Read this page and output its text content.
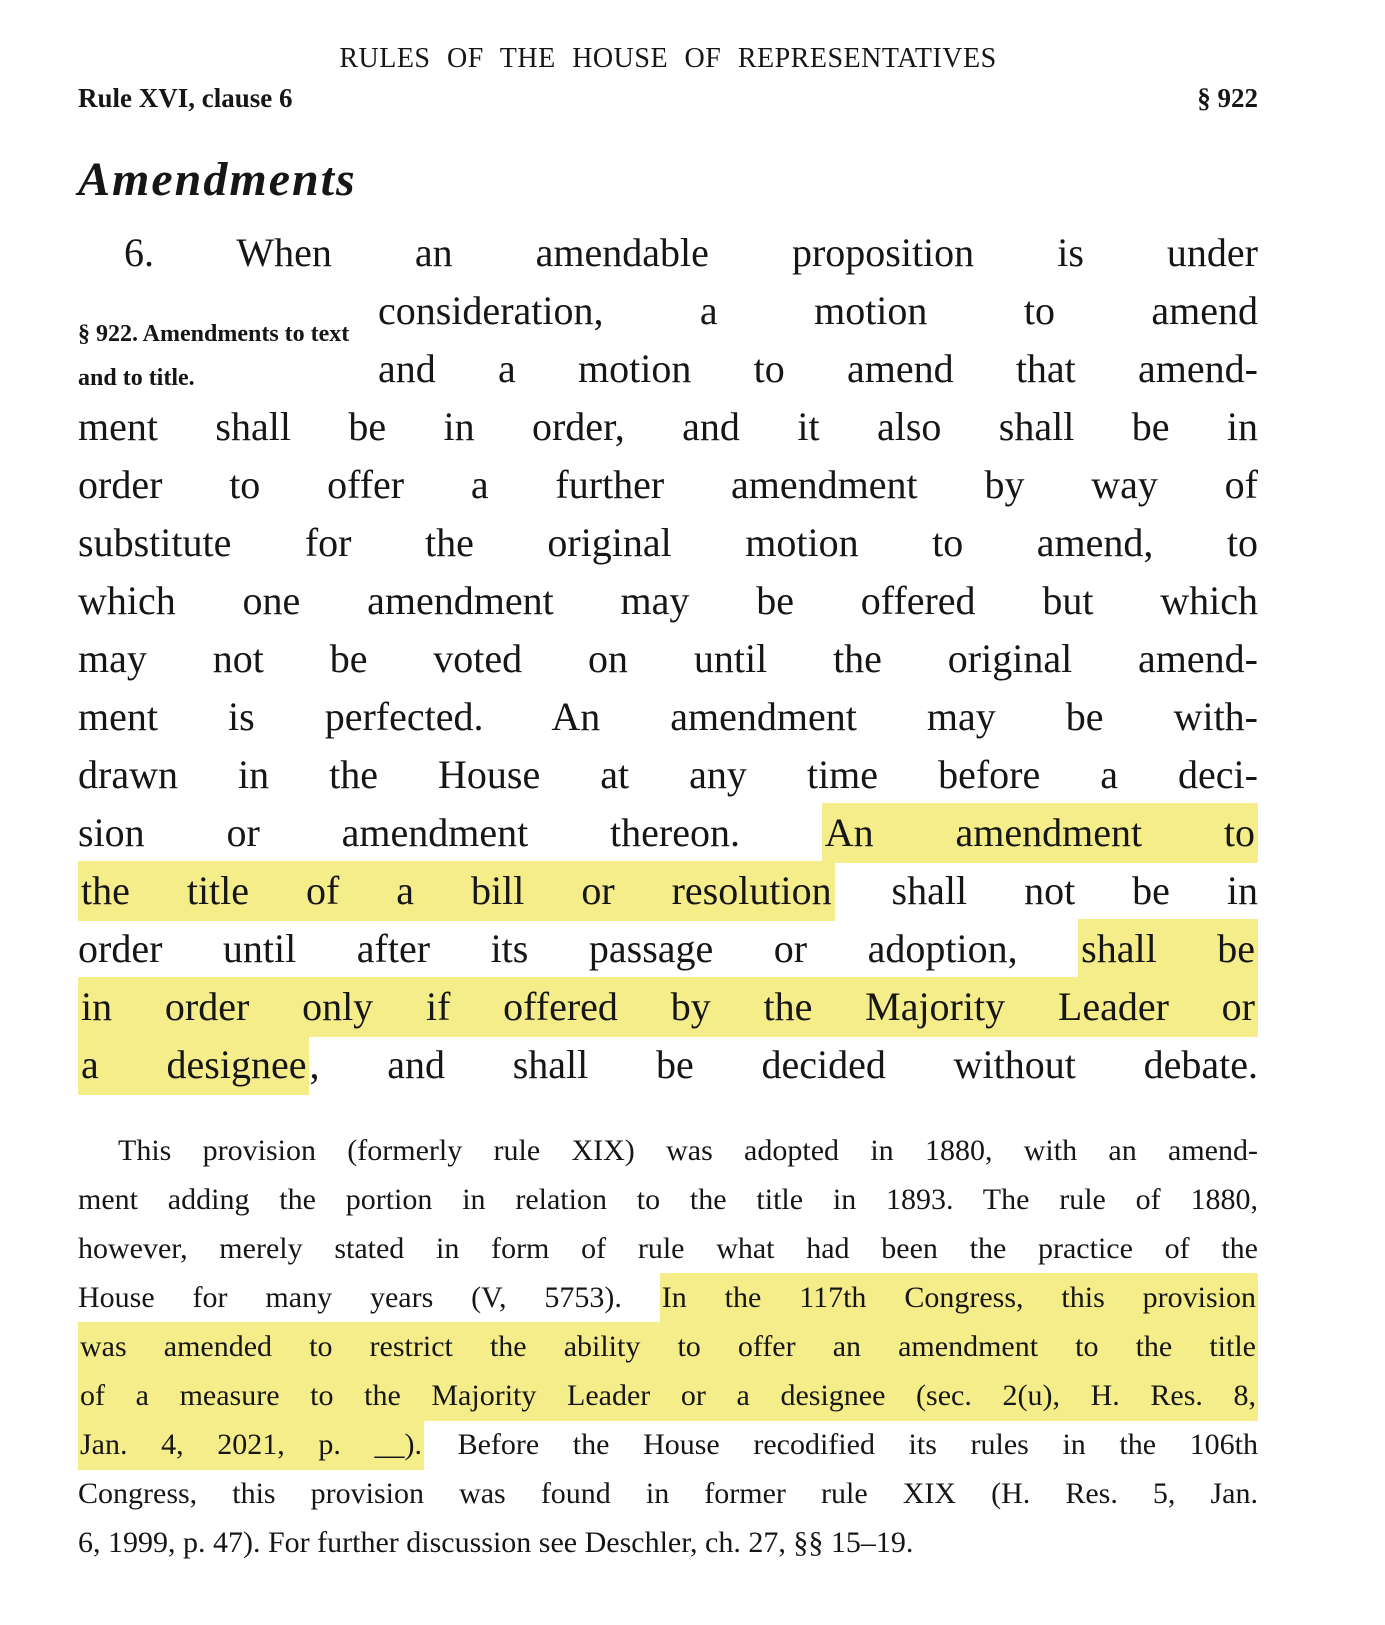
RULES OF THE HOUSE OF REPRESENTATIVES
Rule XVI, clause 6	§ 922
Amendments
§ 922. Amendments to text and to title.
6. When an amendable proposition is under
consideration, a motion to amend
and a motion to amend that amend-
ment shall be in order, and it also shall be in
order to offer a further amendment by way of
substitute for the original motion to amend, to
which one amendment may be offered but which
may not be voted on until the original amend-
ment is perfected. An amendment may be with-
drawn in the House at any time before a deci-
sion or amendment thereon. An amendment to
the title of a bill or resolution shall not be in
order until after its passage or adoption, shall be
in order only if offered by the Majority Leader or
a designee, and shall be decided without debate.
This provision (formerly rule XIX) was adopted in 1880, with an amend-
ment adding the portion in relation to the title in 1893. The rule of 1880,
however, merely stated in form of rule what had been the practice of the
House for many years (V, 5753). In the 117th Congress, this provision
was amended to restrict the ability to offer an amendment to the title
of a measure to the Majority Leader or a designee (sec. 2(u), H. Res. 8,
Jan. 4, 2021, p. __). Before the House recodified its rules in the 106th
Congress, this provision was found in former rule XIX (H. Res. 5, Jan.
6, 1999, p. 47). For further discussion see Deschler, ch. 27, §§ 15–19.
